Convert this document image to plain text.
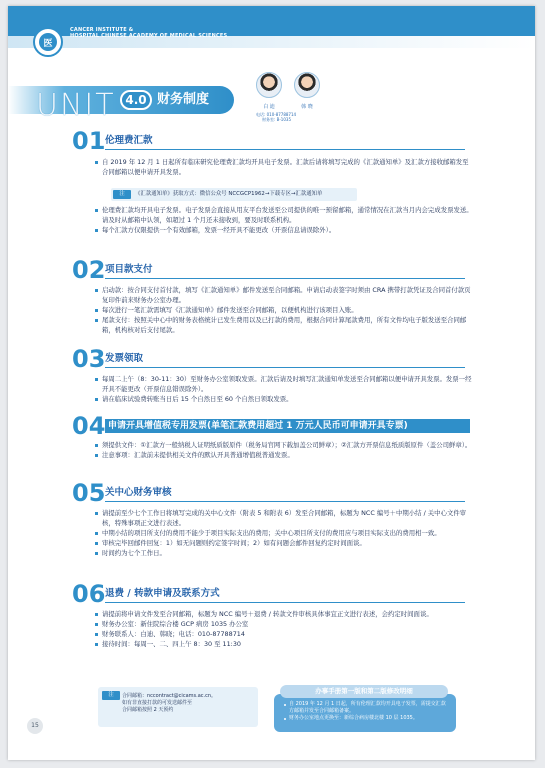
医
CANCER INSTITUTE &
HOSPITAL CHINESE ACADEMY OF MEDICAL SCIENCES
UNIT 4.0 财务制度	白 迪	韩 晓
电话: 010-87788714
财务室: B-1035
01 伦理费汇款
自 2019 年 12 月 1 日起所有临床研究伦理费汇款均开具电子发票。汇款后请将填写完成的《汇款通知单》及汇款方接收邮箱发至合同邮箱以便申请开具发票。
注	《汇款通知单》获取方式：微信公众号 NCCGCP1962→下载专区→汇款通知单
伦理费汇款均开具电子发票。电子发票会直接从用友平台发送至公司提供的唯一预留邮箱，通常情况在汇款当月内会完成发票发送。请及时从邮箱中认领，如超过 1 个月还未接收到，要及时联系机构。
每个汇款方仅限提供一个有效邮箱，发票一经开具不能更改（开票信息请误除外）。
02 项目款支付
启动款：按合同支付首付款，填写《汇款通知单》邮件发送至合同邮箱。申请启动表签字时须由 CRA 携带打款凭证及合同首付款页复印件前来财务办公室办理。
每次进行一笔汇款需填写《汇款通知单》邮件发送至合同邮箱，以便机构进行该项目入账。
尾款支付：按照关中心中的财务表格统计已发生费用以及已打款的费用，根据合同计算尾款费用，所有文件均电子版发送至合同邮箱，机构核对后支付尾款。
03 发票领取
每周二上午（8：30-11：30）至财务办公室领取发票。汇款后请及时填写汇款通知单发送至合同邮箱以便申请开具发票。发票一经开具不能更改（开票信息错误除外）。
请在临床试验费转账当日后 15 个自然日至 60 个自然日领取发票。
04 申请开具增值税专用发票(单笔汇款费用超过 1 万元人民币可申请开具专票)
须提供文件：①汇款方一般纳税人证明纸质版原件（税务局官网下载加盖公司鲜章）；②汇款方开票信息纸质版原件（盖公司鲜章）。
注意事项：汇款前未提供相关文件的默认开具普通增值税普通发票。
05 关中心财务审核
请提前至少七个工作日将填写完成的关中心文件（附表 5 和附表 6）发至合同邮箱，标题为 NCC 编号＋中期小结 / 关中心文件审核，特殊事项正文进行表述。
中期小结的项目所支付的费用不能少于项目实际支出的费用；关中心项目所支付的费用应与项目实际支出的费用相一致。
审核完毕回邮件回复：1）如无问题则约定签字时间；2）如有问题会邮件回复约定时间面谈。
时间约为七个工作日。
06 退费 / 转款申请及联系方式
请提前将申请文件发至合同邮箱，标题为 NCC 编号＋退费 / 转款文件审核具体事宜正文进行表述，会约定时间面谈。
财务办公室：新住院综合楼 GCP 病房 1035 办公室
财务联系人：白迪、韩晓；电话：010-87788714
接待时间：每周一、二、四上午 8：30 至 11:30
注	合同邮箱：nccontract@cicams.ac.cn。
如有非直接打款的可发送邮件至
合同邮箱按照 2 天预约
自 2019 年 12 月 1 日起，所有伦理汇款均开具电子发票，需提交汇款方邮箱并发至合同邮箱备案。
财务办公室地点更换至：新综合病房楼北楼 10 层 1035。
办事手册第一版和第二版修改明细
15
